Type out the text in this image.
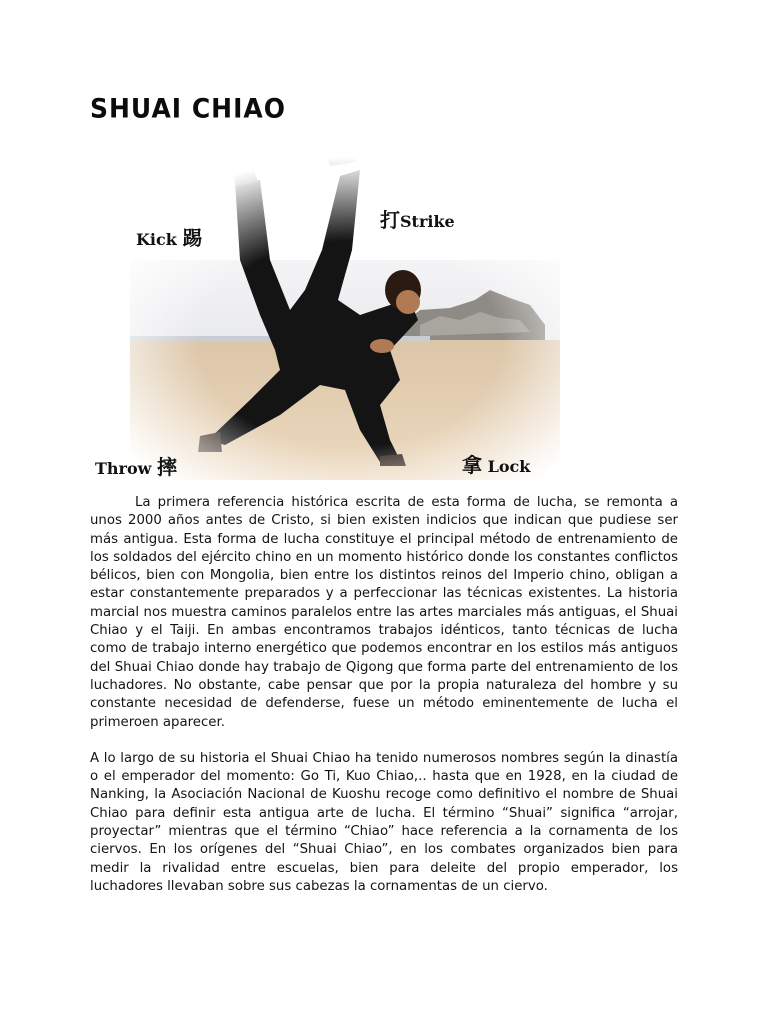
SHUAI CHIAO
Kick 踢
打Strike
Throw 摔	拿 Lock

La primera referencia histórica escrita de esta forma de lucha, se remonta a unos 2000 años antes de Cristo, si bien existen indicios que indican que pudiese ser más antigua. Esta forma de lucha constituye el principal método de entrenamiento de los soldados del ejército chino en un momento histórico donde los constantes conflictos bélicos, bien con Mongolia, bien entre los distintos reinos del Imperio chino, obligan a estar constantemente preparados y a perfeccionar las técnicas existentes. La historia marcial nos muestra caminos paralelos entre las artes marciales más antiguas, el Shuai Chiao y el Taiji. En ambas encontramos trabajos idénticos, tanto técnicas de lucha como de trabajo interno energético que podemos encontrar en los estilos más antiguos del Shuai Chiao donde hay trabajo de Qigong que forma parte del entrenamiento de los luchadores. No obstante, cabe pensar que por la propia naturaleza del hombre y su constante necesidad de defenderse, fuese un método eminentemente de lucha el primeroen aparecer.

A lo largo de su historia el Shuai Chiao ha tenido numerosos nombres según la dinastía o el emperador del momento: Go Ti, Kuo Chiao,.. hasta que en 1928, en la ciudad de Nanking, la Asociación Nacional de Kuoshu recoge como definitivo el nombre de Shuai Chiao para definir esta antigua arte de lucha. El término “Shuai” significa “arrojar, proyectar” mientras que el término “Chiao” hace referencia a la cornamenta de los ciervos. En los orígenes del “Shuai Chiao”, en los combates organizados bien para medir la rivalidad entre escuelas, bien para deleite del propio emperador, los luchadores llevaban sobre sus cabezas la cornamentas de un ciervo.
